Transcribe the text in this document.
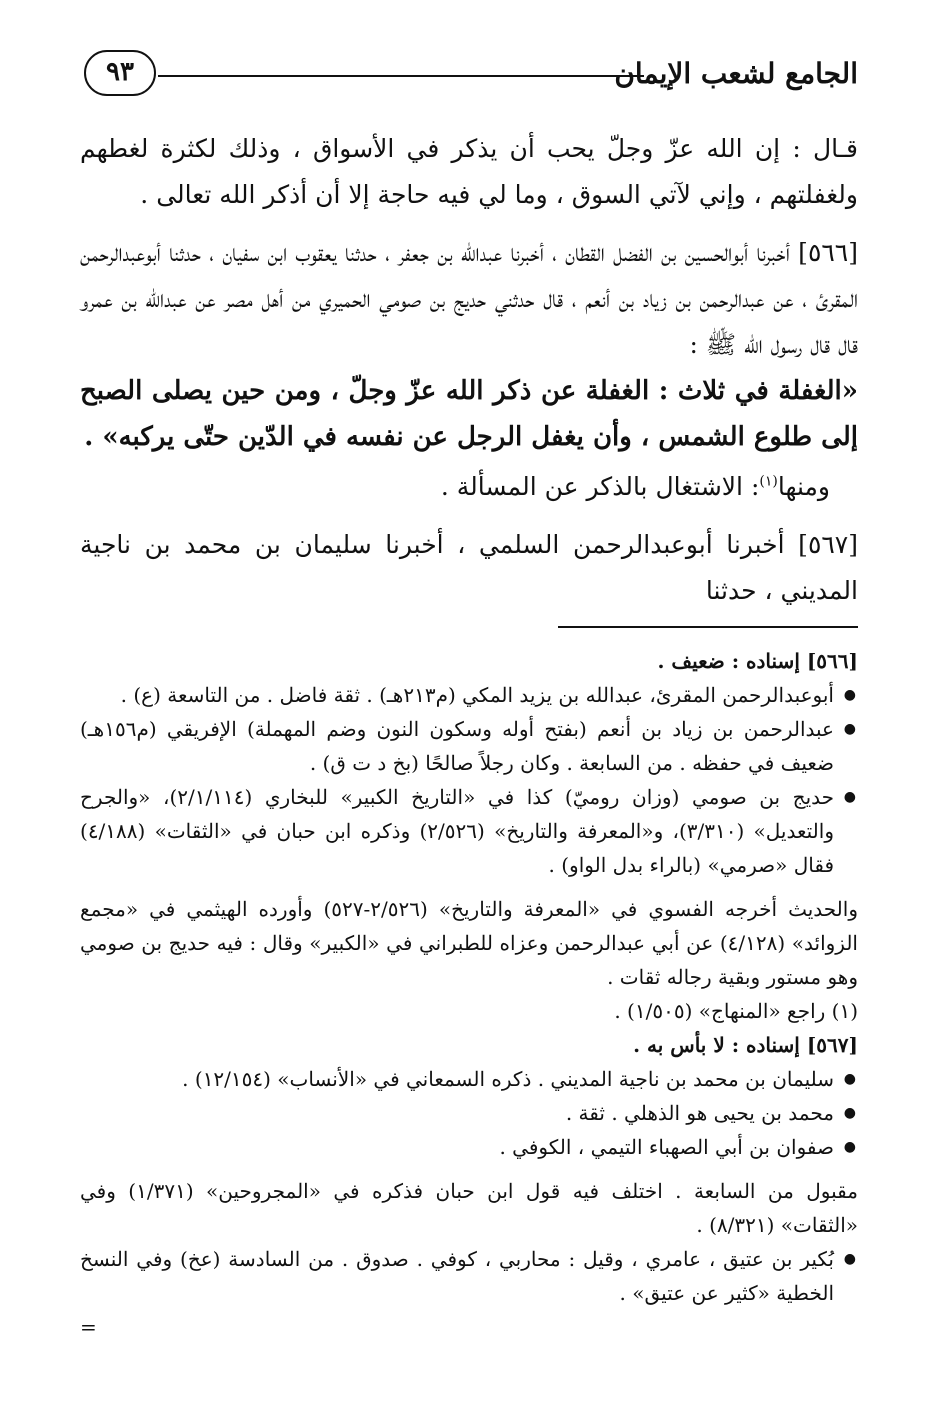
الجامع لشعب الإيمان
٩٣

قـال : إن الله عزّ وجلّ يحب أن يذكر في الأسواق ، وذلك لكثرة لغطهم ولغفلتهم ، وإني لآتي السوق ، وما لي فيه حاجة إلا أن أذكر الله تعالى .

[٥٦٦] أخبرنا أبوالحسين بن الفضل القطان ، أخبرنا عبدالله بن جعفر ، حدثنا يعقوب ابن سفيان ، حدثنا أبوعبدالرحمن المقرئ ، عن عبدالرحمن بن زياد بن أنعم ، قال حدثني حديج بن صومي الحميري من أهل مصر عن عبدالله بن عمرو قال قال رسول الله ﷺ :

«الغفلة في ثلاث : الغفلة عن ذكر الله عزّ وجلّ ، ومن حين يصلى الصبح إلى طلوع الشمس ، وأن يغفل الرجل عن نفسه في الدّين حتّى يركبه» .

ومنها$^{(١)}$: الاشتغال بالذكر عن المسألة .

[٥٦٧] أخبرنا أبوعبدالرحمن السلمي ، أخبرنا سليمان بن محمد بن ناجية المديني ، حدثنا

[٥٦٦] إسناده : ضعيف .

● أبوعبدالرحمن المقرئ، عبدالله بن يزيد المكي (م٢١٣هـ) . ثقة فاضل . من التاسعة (ع) .
● عبدالرحمن بن زياد بن أنعم (بفتح أوله وسكون النون وضم المهملة) الإفريقي (م١٥٦هـ) ضعيف في حفظه . من السابعة . وكان رجلاً صالحًا (بخ د ت ق) .
● حديج بن صومي (وزان روميّ) كذا في «التاريخ الكبير» للبخاري (٢/١/١١٤)، «والجرح والتعديل» (٣/٣١٠)، و«المعرفة والتاريخ» (٢/٥٢٦) وذكره ابن حبان في «الثقات» (٤/١٨٨) فقال «صرمي» (بالراء بدل الواو) .

والحديث أخرجه الفسوي في «المعرفة والتاريخ» (٢/٥٢٦-٥٢٧) وأورده الهيثمي في «مجمع الزوائد» (٤/١٢٨) عن أبي عبدالرحمن وعزاه للطبراني في «الكبير» وقال : فيه حديج بن صومي وهو مستور وبقية رجاله ثقات .

(١) راجع «المنهاج» (١/٥٠٥) .

[٥٦٧] إسناده : لا بأس به .

● سليمان بن محمد بن ناجية المديني . ذكره السمعاني في «الأنساب» (١٢/١٥٤) .
● محمد بن يحيى هو الذهلي . ثقة .
● صفوان بن أبي الصهباء التيمي ، الكوفي .

مقبول من السابعة . اختلف فيه قول ابن حبان فذكره في «المجروحين» (١/٣٧١) وفي «الثقات» (٨/٣٢١) .

● بُكير بن عتيق ، عامري ، وقيل : محاربي ، كوفي . صدوق . من السادسة (عخ) وفي النسخ الخطية «كثير عن عتيق» .

=
